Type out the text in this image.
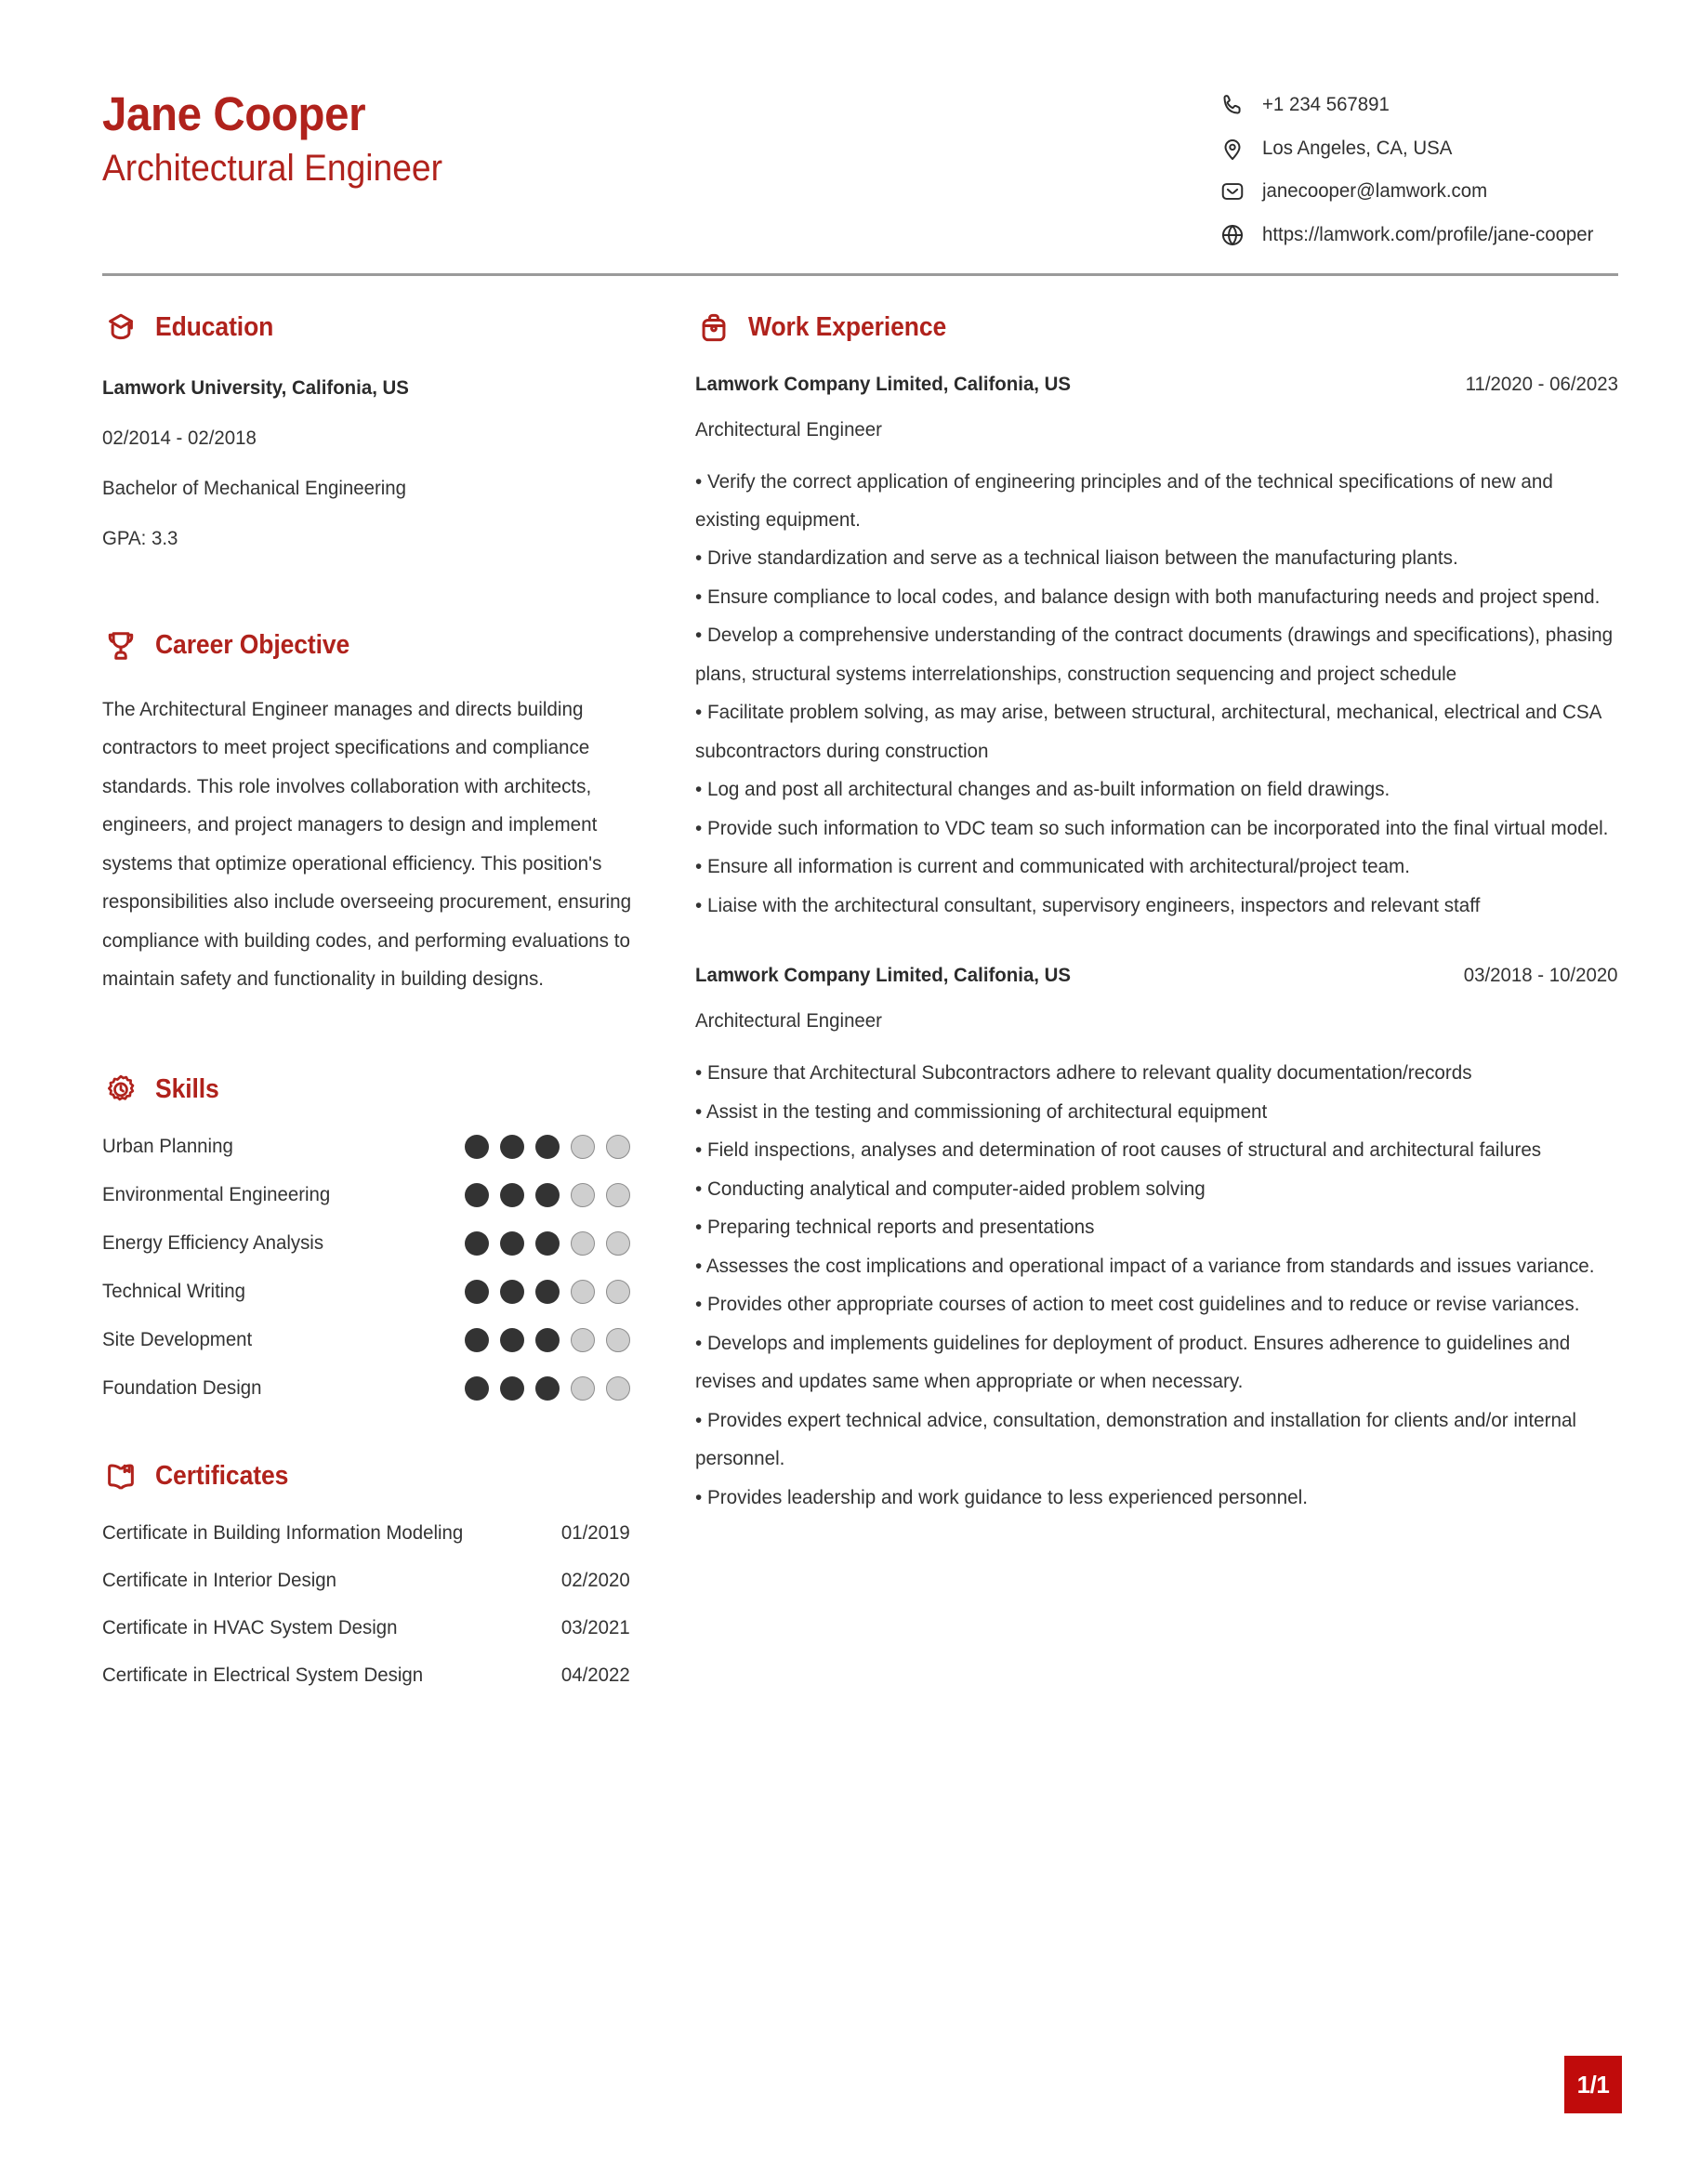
Jane Cooper
Architectural Engineer
+1 234 567891
Los Angeles, CA, USA
janecooper@lamwork.com
https://lamwork.com/profile/jane-cooper
Education
Lamwork University, Califonia, US
02/2014 - 02/2018
Bachelor of Mechanical Engineering
GPA: 3.3
Career Objective
The Architectural Engineer manages and directs building contractors to meet project specifications and compliance standards. This role involves collaboration with architects, engineers, and project managers to design and implement systems that optimize operational efficiency. This position's responsibilities also include overseeing procurement, ensuring compliance with building codes, and performing evaluations to maintain safety and functionality in building designs.
Skills
Urban Planning
Environmental Engineering
Energy Efficiency Analysis
Technical Writing
Site Development
Foundation Design
Certificates
Certificate in Building Information Modeling	01/2019
Certificate in Interior Design	02/2020
Certificate in HVAC System Design	03/2021
Certificate in Electrical System Design	04/2022
Work Experience
Lamwork Company Limited, Califonia, US	11/2020 - 06/2023
Architectural Engineer
• Verify the correct application of engineering principles and of the technical specifications of new and existing equipment.
• Drive standardization and serve as a technical liaison between the manufacturing plants.
• Ensure compliance to local codes, and balance design with both manufacturing needs and project spend.
• Develop a comprehensive understanding of the contract documents (drawings and specifications), phasing plans, structural systems interrelationships, construction sequencing and project schedule
• Facilitate problem solving, as may arise, between structural, architectural, mechanical, electrical and CSA subcontractors during construction
• Log and post all architectural changes and as-built information on field drawings.
• Provide such information to VDC team so such information can be incorporated into the final virtual model.
• Ensure all information is current and communicated with architectural/project team.
• Liaise with the architectural consultant, supervisory engineers, inspectors and relevant staff
Lamwork Company Limited, Califonia, US	03/2018 - 10/2020
Architectural Engineer
• Ensure that Architectural Subcontractors adhere to relevant quality documentation/records
• Assist in the testing and commissioning of architectural equipment
• Field inspections, analyses and determination of root causes of structural and architectural failures
• Conducting analytical and computer-aided problem solving
• Preparing technical reports and presentations
• Assesses the cost implications and operational impact of a variance from standards and issues variance.
• Provides other appropriate courses of action to meet cost guidelines and to reduce or revise variances.
• Develops and implements guidelines for deployment of product. Ensures adherence to guidelines and revises and updates same when appropriate or when necessary.
• Provides expert technical advice, consultation, demonstration and installation for clients and/or internal personnel.
• Provides leadership and work guidance to less experienced personnel.
1/1
